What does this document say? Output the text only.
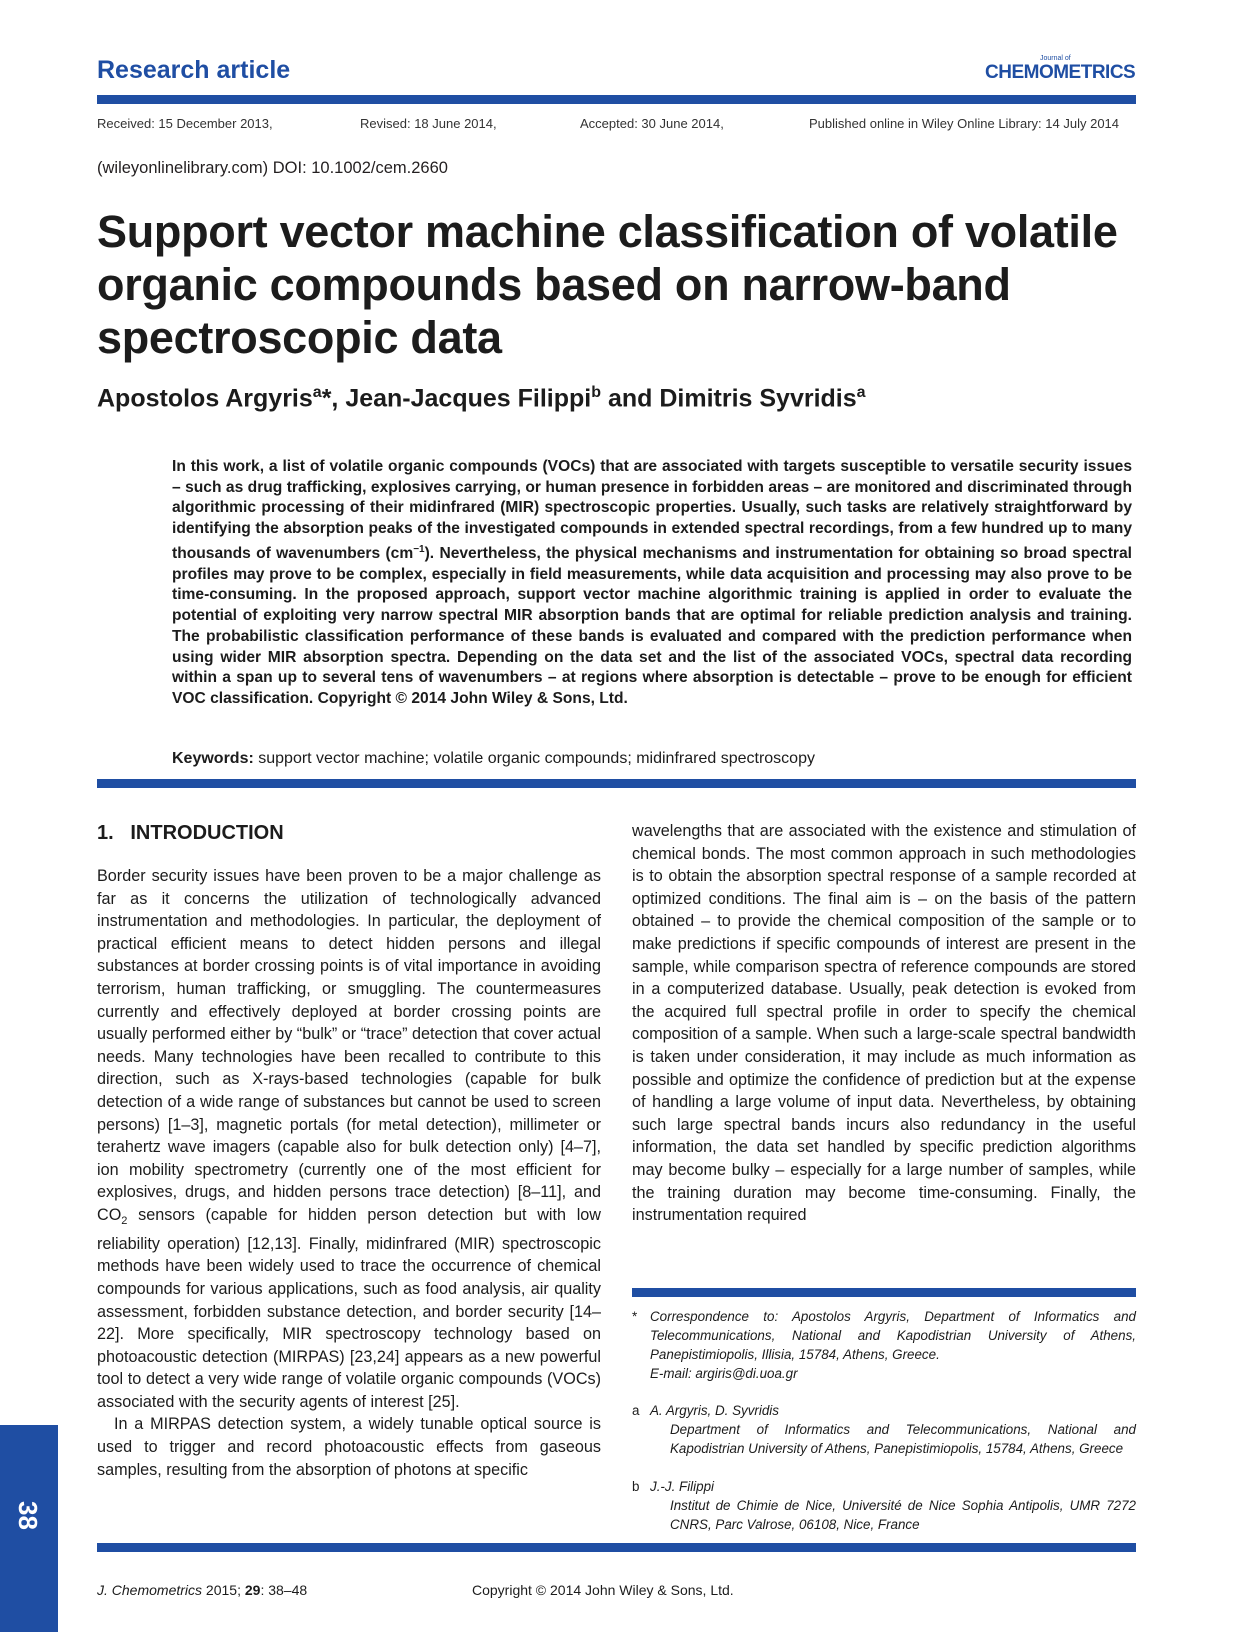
Research article	Journal of
CHEMOMETRICS
Received: 15 December 2013,	Revised: 18 June 2014,	Accepted: 30 June 2014,	Published online in Wiley Online Library: 14 July 2014
(wileyonlinelibrary.com) DOI: 10.1002/cem.2660
Support vector machine classification of volatile organic compounds based on narrow-band spectroscopic data
Apostolos Argyris$^a$*, Jean-Jacques Filippi$^b$ and Dimitris Syvridis$^a$
In this work, a list of volatile organic compounds (VOCs) that are associated with targets susceptible to versatile security issues – such as drug trafficking, explosives carrying, or human presence in forbidden areas – are monitored and discriminated through algorithmic processing of their midinfrared (MIR) spectroscopic properties. Usually, such tasks are relatively straightforward by identifying the absorption peaks of the investigated compounds in extended spectral recordings, from a few hundred up to many thousands of wavenumbers $(cm^{-1})$. Nevertheless, the physical mechanisms and instrumentation for obtaining so broad spectral profiles may prove to be complex, especially in field measurements, while data acquisition and processing may also prove to be time-consuming. In the proposed approach, support vector machine algorithmic training is applied in order to evaluate the potential of exploiting very narrow spectral MIR absorption bands that are optimal for reliable prediction analysis and training. The probabilistic classification performance of these bands is evaluated and compared with the prediction performance when using wider MIR absorption spectra. Depending on the data set and the list of the associated VOCs, spectral data recording within a span up to several tens of wavenumbers – at regions where absorption is detectable – prove to be enough for efficient VOC classification. Copyright © 2014 John Wiley & Sons, Ltd.
Keywords: support vector machine; volatile organic compounds; midinfrared spectroscopy
1.   INTRODUCTION

Border security issues have been proven to be a major challenge as far as it concerns the utilization of technologically advanced instrumentation and methodologies. In particular, the deployment of practical efficient means to detect hidden persons and illegal substances at border crossing points is of vital importance in avoiding terrorism, human trafficking, or smuggling. The countermeasures currently and effectively deployed at border crossing points are usually performed either by “bulk” or “trace” detection that cover actual needs. Many technologies have been recalled to contribute to this direction, such as X-rays-based technologies (capable for bulk detection of a wide range of substances but cannot be used to screen persons) [1–3], magnetic portals (for metal detection), millimeter or terahertz wave imagers (capable also for bulk detection only) [4–7], ion mobility spectrometry (currently one of the most efficient for explosives, drugs, and hidden persons trace detection) [8–11], and $CO_2$ sensors (capable for hidden person detection but with low reliability operation) [12,13]. Finally, midinfrared (MIR) spectroscopic methods have been widely used to trace the occurrence of chemical compounds for various applications, such as food analysis, air quality assessment, forbidden substance detection, and border security [14–22]. More specifically, MIR spectroscopy technology based on photoacoustic detection (MIRPAS) [23,24] appears as a new powerful tool to detect a very wide range of volatile organic compounds (VOCs) associated with the security agents of interest [25].

In a MIRPAS detection system, a widely tunable optical source is used to trigger and record photoacoustic effects from gaseous samples, resulting from the absorption of photons at specific

wavelengths that are associated with the existence and stimulation of chemical bonds. The most common approach in such methodologies is to obtain the absorption spectral response of a sample recorded at optimized conditions. The final aim is – on the basis of the pattern obtained – to provide the chemical composition of the sample or to make predictions if specific compounds of interest are present in the sample, while comparison spectra of reference compounds are stored in a computerized database. Usually, peak detection is evoked from the acquired full spectral profile in order to specify the chemical composition of a sample. When such a large-scale spectral bandwidth is taken under consideration, it may include as much information as possible and optimize the confidence of prediction but at the expense of handling a large volume of input data. Nevertheless, by obtaining such large spectral bands incurs also redundancy in the useful information, the data set handled by specific prediction algorithms may become bulky – especially for a large number of samples, while the training duration may become time-consuming. Finally, the instrumentation required

* Correspondence to: Apostolos Argyris, Department of Informatics and Telecommunications, National and Kapodistrian University of Athens, Panepistimiopolis, Illisia, 15784, Athens, Greece.
E-mail: argiris@di.uoa.gr
a A. Argyris, D. Syvridis
Department of Informatics and Telecommunications, National and Kapodistrian University of Athens, Panepistimiopolis, 15784, Athens, Greece
b J.-J. Filippi
Institut de Chimie de Nice, Université de Nice Sophia Antipolis, UMR 7272 CNRS, Parc Valrose, 06108, Nice, France
38
J. Chemometrics 2015; 29: 38–48	Copyright © 2014 John Wiley & Sons, Ltd.
